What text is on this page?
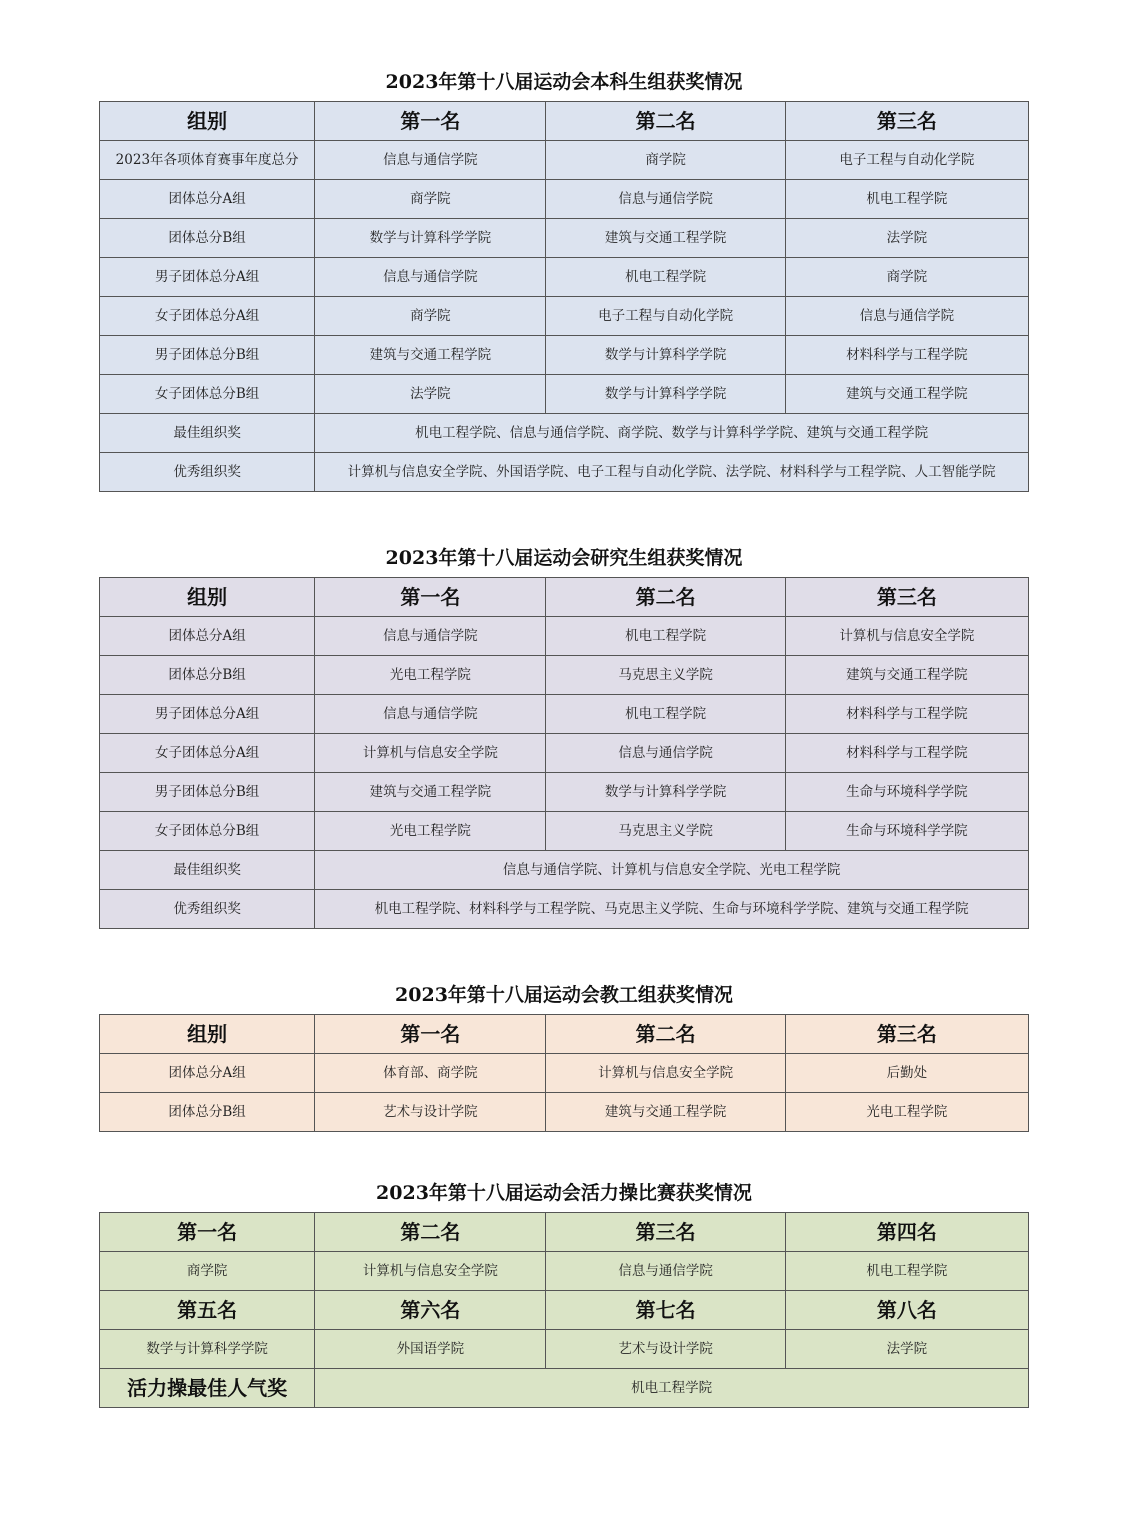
2023年第十八届运动会本科生组获奖情况
组别	第一名	第二名	第三名
2023年各项体育赛事年度总分	信息与通信学院	商学院	电子工程与自动化学院
团体总分A组	商学院	信息与通信学院	机电工程学院
团体总分B组	数学与计算科学学院	建筑与交通工程学院	法学院
男子团体总分A组	信息与通信学院	机电工程学院	商学院
女子团体总分A组	商学院	电子工程与自动化学院	信息与通信学院
男子团体总分B组	建筑与交通工程学院	数学与计算科学学院	材料科学与工程学院
女子团体总分B组	法学院	数学与计算科学学院	建筑与交通工程学院
最佳组织奖	机电工程学院、信息与通信学院、商学院、数学与计算科学学院、建筑与交通工程学院		
优秀组织奖	计算机与信息安全学院、外国语学院、电子工程与自动化学院、法学院、材料科学与工程学院、人工智能学院		
2023年第十八届运动会研究生组获奖情况
组别	第一名	第二名	第三名
团体总分A组	信息与通信学院	机电工程学院	计算机与信息安全学院
团体总分B组	光电工程学院	马克思主义学院	建筑与交通工程学院
男子团体总分A组	信息与通信学院	机电工程学院	材料科学与工程学院
女子团体总分A组	计算机与信息安全学院	信息与通信学院	材料科学与工程学院
男子团体总分B组	建筑与交通工程学院	数学与计算科学学院	生命与环境科学学院
女子团体总分B组	光电工程学院	马克思主义学院	生命与环境科学学院
最佳组织奖	信息与通信学院、计算机与信息安全学院、光电工程学院		
优秀组织奖	机电工程学院、材料科学与工程学院、马克思主义学院、生命与环境科学学院、建筑与交通工程学院		
2023年第十八届运动会教工组获奖情况
组别	第一名	第二名	第三名
团体总分A组	体育部、商学院	计算机与信息安全学院	后勤处
团体总分B组	艺术与设计学院	建筑与交通工程学院	光电工程学院
2023年第十八届运动会活力操比赛获奖情况
第一名	第二名	第三名	第四名
商学院	计算机与信息安全学院	信息与通信学院	机电工程学院
第五名	第六名	第七名	第八名
数学与计算科学学院	外国语学院	艺术与设计学院	法学院
活力操最佳人气奖	机电工程学院		
